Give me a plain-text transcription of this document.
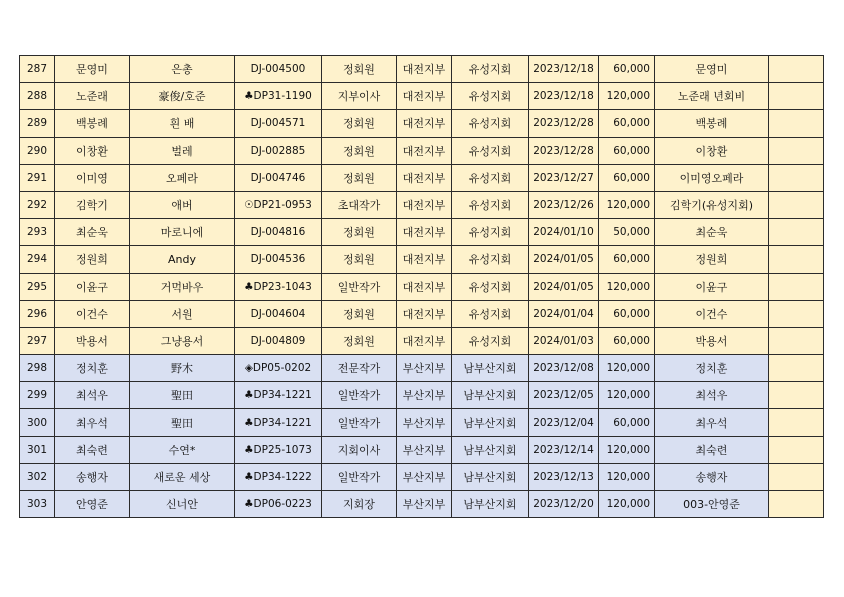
287	문영미	은총	DJ-004500	정회원	대전지부	유성지회	2023/12/18	60,000	문영미	
288	노준래	豪俊/호준	♣DP31-1190	지부이사	대전지부	유성지회	2023/12/18	120,000	노준래 년회비	
289	백봉례	흰 배	DJ-004571	정회원	대전지부	유성지회	2023/12/28	60,000	백봉례	
290	이창환	벌레	DJ-002885	정회원	대전지부	유성지회	2023/12/28	60,000	이창환	
291	이미영	오페라	DJ-004746	정회원	대전지부	유성지회	2023/12/27	60,000	이미영오페라	
292	김학기	애버	☉DP21-0953	초대작가	대전지부	유성지회	2023/12/26	120,000	김학기(유성지회)	
293	최순욱	마로니에	DJ-004816	정회원	대전지부	유성지회	2024/01/10	50,000	최순욱	
294	정원희	Andy	DJ-004536	정회원	대전지부	유성지회	2024/01/05	60,000	정원희	
295	이윤구	거먹바우	♣DP23-1043	일반작가	대전지부	유성지회	2024/01/05	120,000	이윤구	
296	이건수	서원	DJ-004604	정회원	대전지부	유성지회	2024/01/04	60,000	이건수	
297	박용서	그냥용서	DJ-004809	정회원	대전지부	유성지회	2024/01/03	60,000	박용서	
298	정치훈	野木	◈DP05-0202	전문작가	부산지부	남부산지회	2023/12/08	120,000	정치훈	
299	최석우	聖田	♣DP34-1221	일반작가	부산지부	남부산지회	2023/12/05	120,000	최석우	
300	최우석	聖田	♣DP34-1221	일반작가	부산지부	남부산지회	2023/12/04	60,000	최우석	
301	최숙련	수연*	♣DP25-1073	지회이사	부산지부	남부산지회	2023/12/14	120,000	최숙련	
302	송행자	새로운 세상	♣DP34-1222	일반작가	부산지부	남부산지회	2023/12/13	120,000	송행자	
303	안영준	신너안	♣DP06-0223	지회장	부산지부	남부산지회	2023/12/20	120,000	003-안영준	
